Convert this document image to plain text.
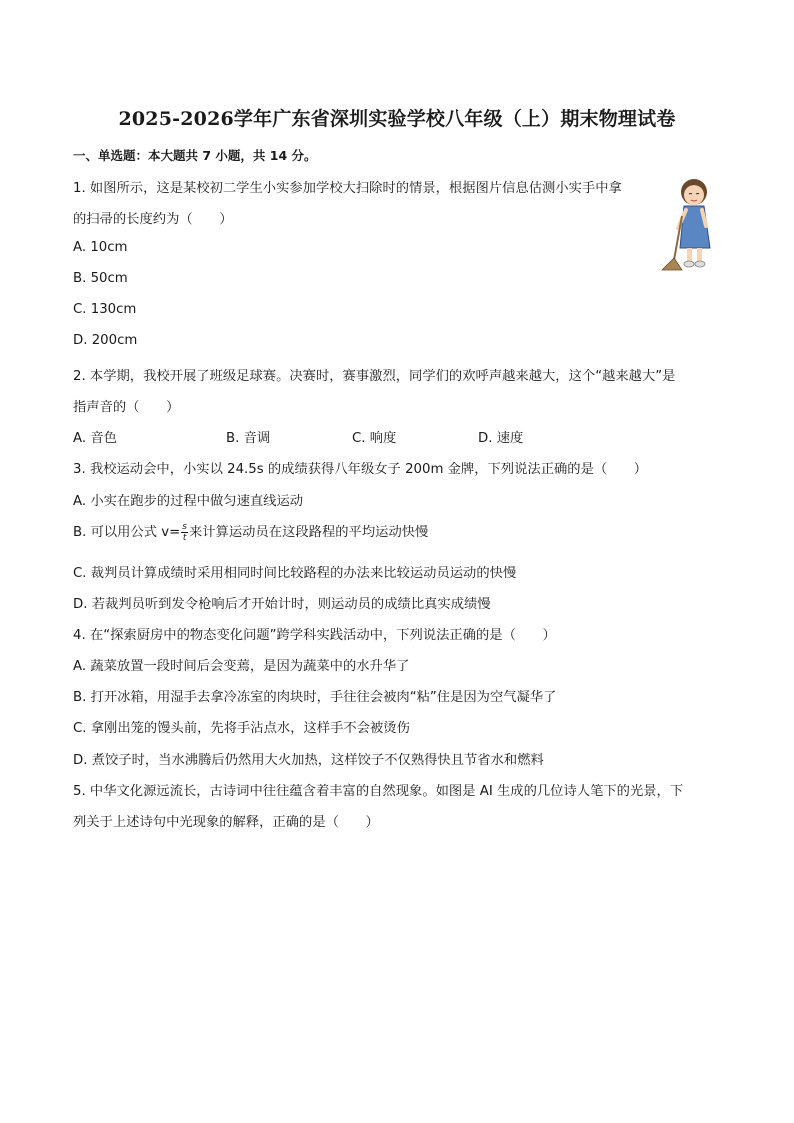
2025-2026学年广东省深圳实验学校八年级（上）期末物理试卷
一、单选题：本大题共 7 小题，共 14 分。
1. 如图所示，这是某校初二学生小实参加学校大扫除时的情景，根据图片信息估测小实手中拿
的扫帚的长度约为（　　）
A. 10cm
B. 50cm
C. 130cm
D. 200cm
2. 本学期，我校开展了班级足球赛。决赛时，赛事激烈，同学们的欢呼声越来越大，这个“越来越大”是
指声音的（　　）
A. 音色	B. 音调	C. 响度	D. 速度
3. 我校运动会中，小实以 24.5s 的成绩获得八年级女子 200m 金牌，下列说法正确的是（　　）
A. 小实在跑步的过程中做匀速直线运动
B. 可以用公式 $v= \frac{s}{t}$ 来计算运动员在这段路程的平均运动快慢
C. 裁判员计算成绩时采用相同时间比较路程的办法来比较运动员运动的快慢
D. 若裁判员听到发令枪响后才开始计时，则运动员的成绩比真实成绩慢
4. 在“探索厨房中的物态变化问题”跨学科实践活动中，下列说法正确的是（　　）
A. 蔬菜放置一段时间后会变蔫，是因为蔬菜中的水升华了
B. 打开冰箱，用湿手去拿冷冻室的肉块时，手往往会被肉“粘”住是因为空气凝华了
C. 拿刚出笼的馒头前，先将手沾点水，这样手不会被烫伤
D. 煮饺子时，当水沸腾后仍然用大火加热，这样饺子不仅熟得快且节省水和燃料
5. 中华文化源远流长，古诗词中往往蕴含着丰富的自然现象。如图是 AI 生成的几位诗人笔下的光景，下
列关于上述诗句中光现象的解释，正确的是（　　）
